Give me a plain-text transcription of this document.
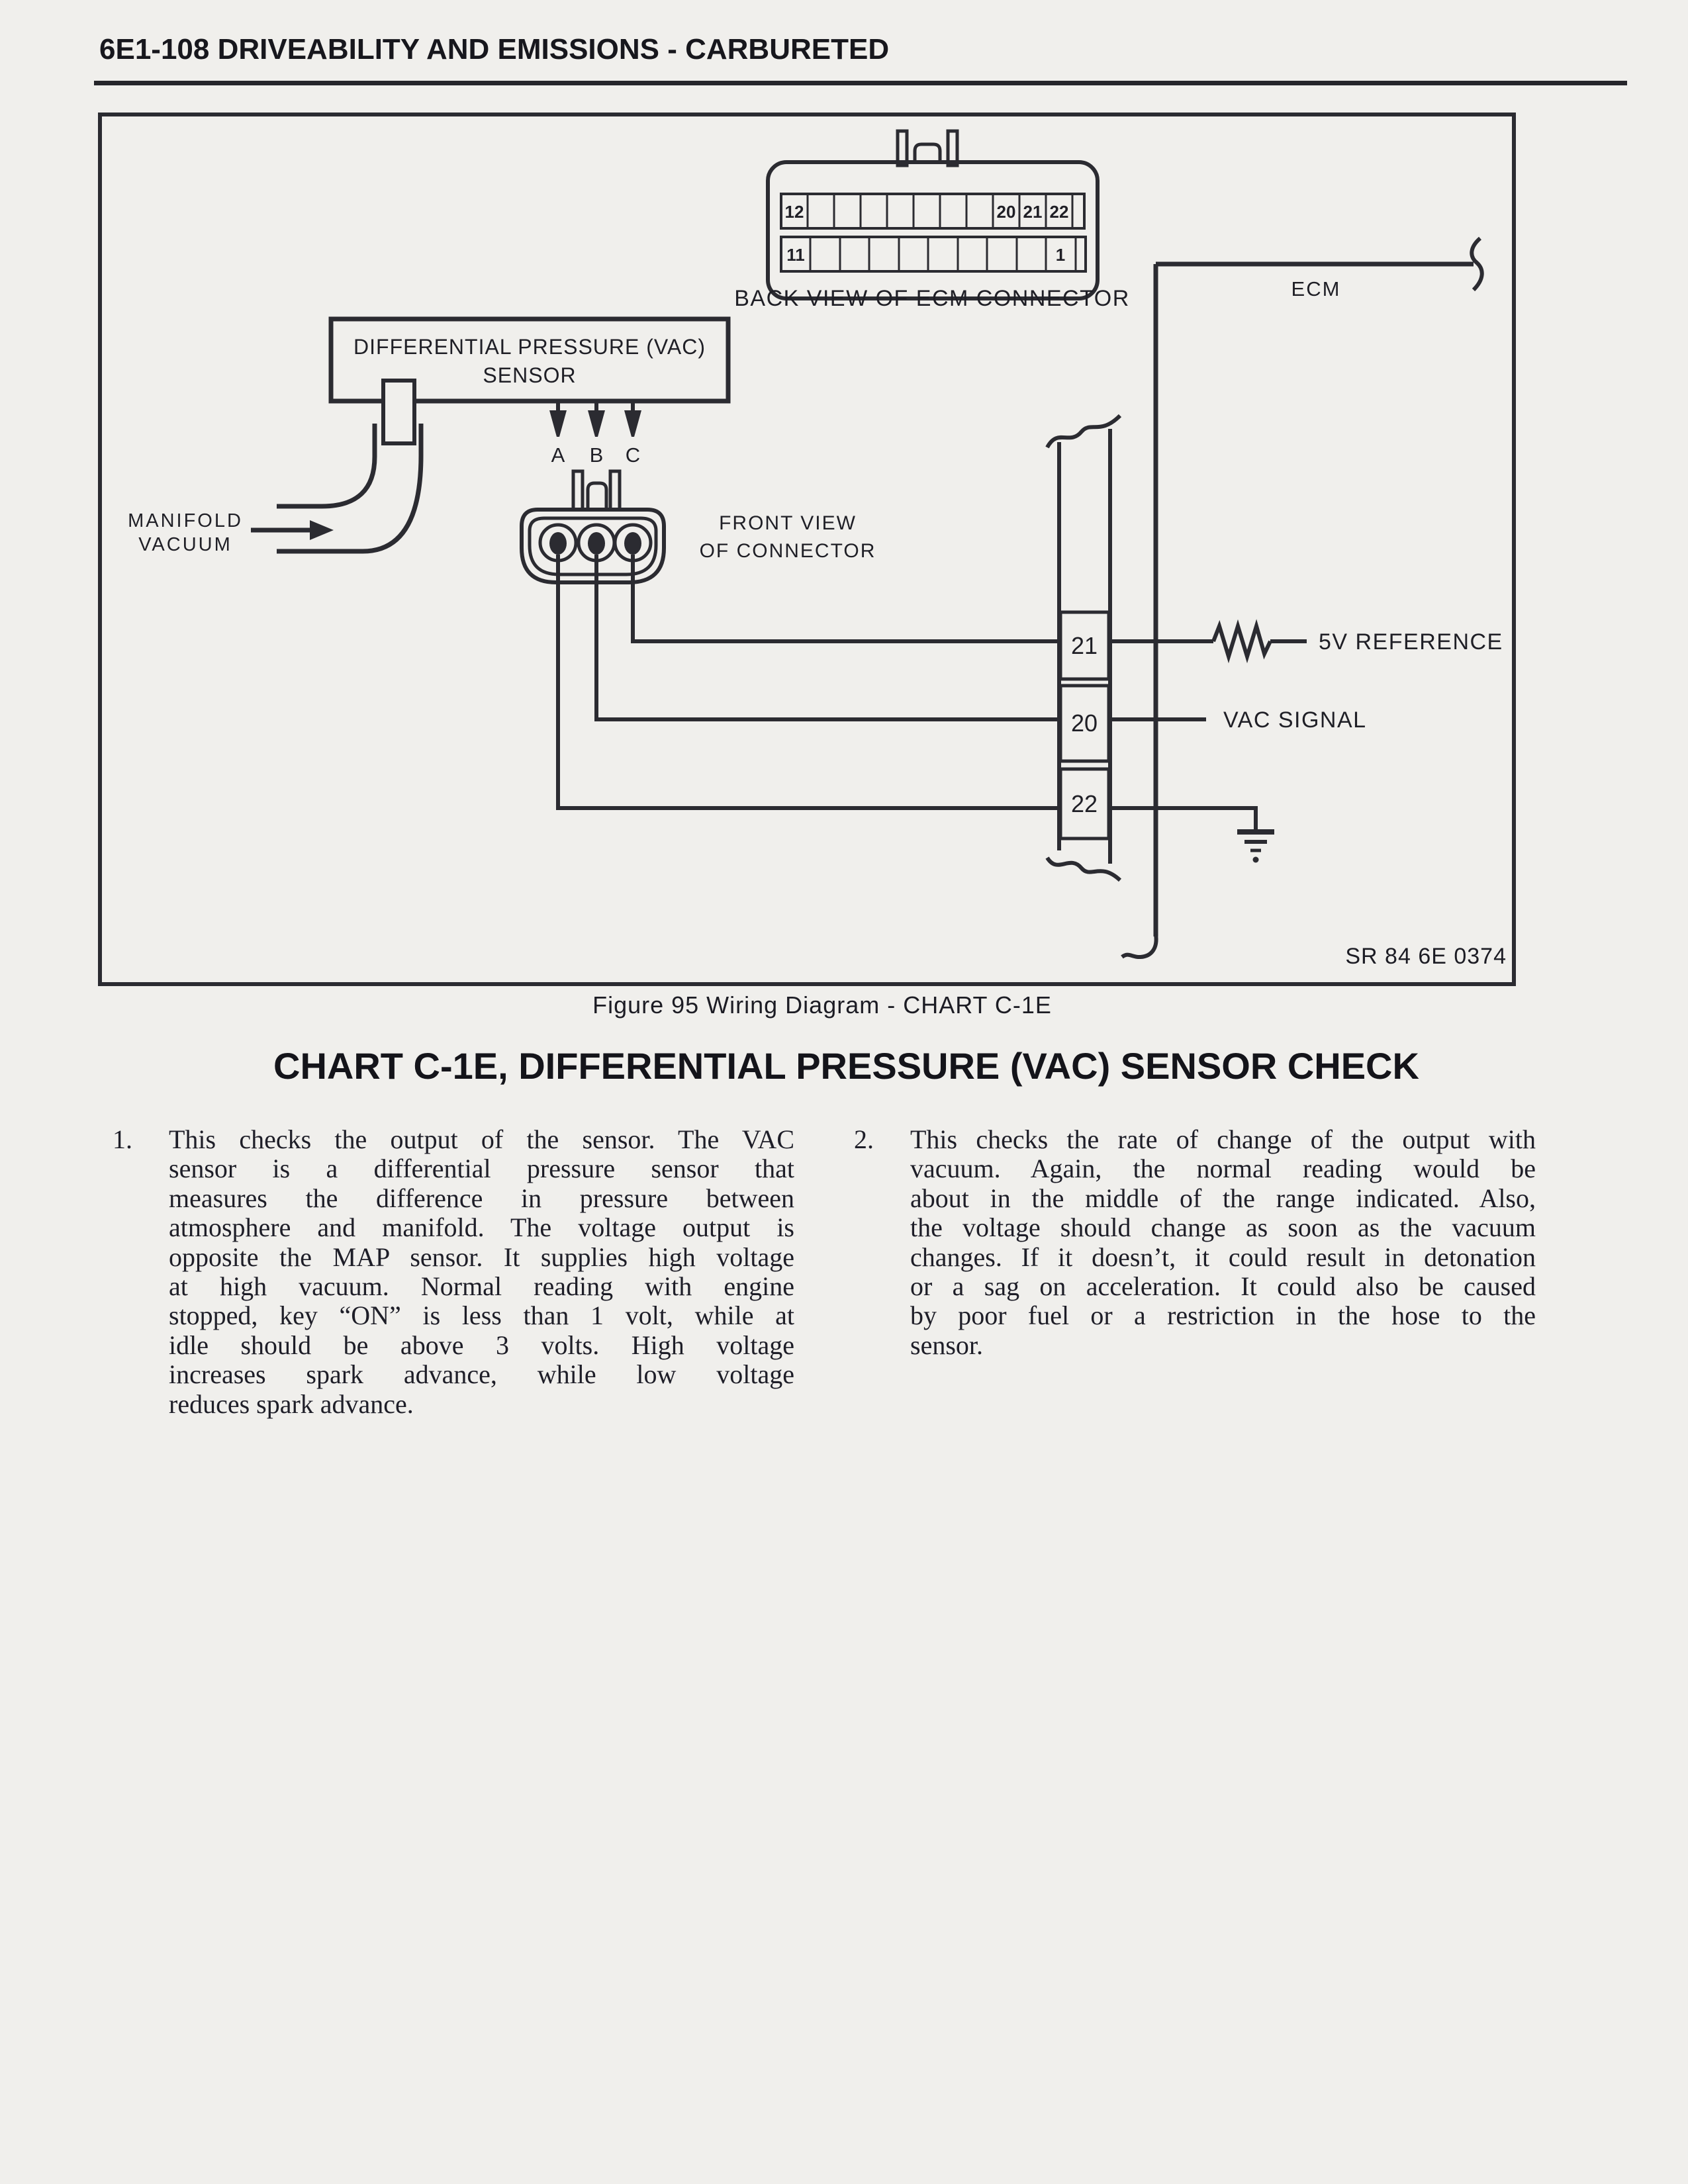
6E1-108 DRIVEABILITY AND EMISSIONS - CARBURETED
12	20 21 22
11	1
BACK VIEW OF ECM CONNECTOR	ECM
DIFFERENTIAL PRESSURE (VAC)
SENSOR
MANIFOLD
VACUUM
A B C
FRONT VIEW
OF CONNECTOR
21
20
22
5V REFERENCE
VAC SIGNAL
SR 84 6E 0374
Figure 95 Wiring Diagram - CHART C-1E
CHART C-1E, DIFFERENTIAL PRESSURE (VAC) SENSOR CHECK
1. This checks the output of the sensor. The VAC
sensor is a differential pressure sensor that
measures the difference in pressure between
atmosphere and manifold. The voltage output is
opposite the MAP sensor. It supplies high voltage
at high vacuum. Normal reading with engine
stopped, key “ON” is less than 1 volt, while at
idle should be above 3 volts. High voltage
increases spark advance, while low voltage
reduces spark advance.
2. This checks the rate of change of the output with
vacuum. Again, the normal reading would be
about in the middle of the range indicated. Also,
the voltage should change as soon as the vacuum
changes. If it doesn’t, it could result in detonation
or a sag on acceleration. It could also be caused
by poor fuel or a restriction in the hose to the
sensor.
